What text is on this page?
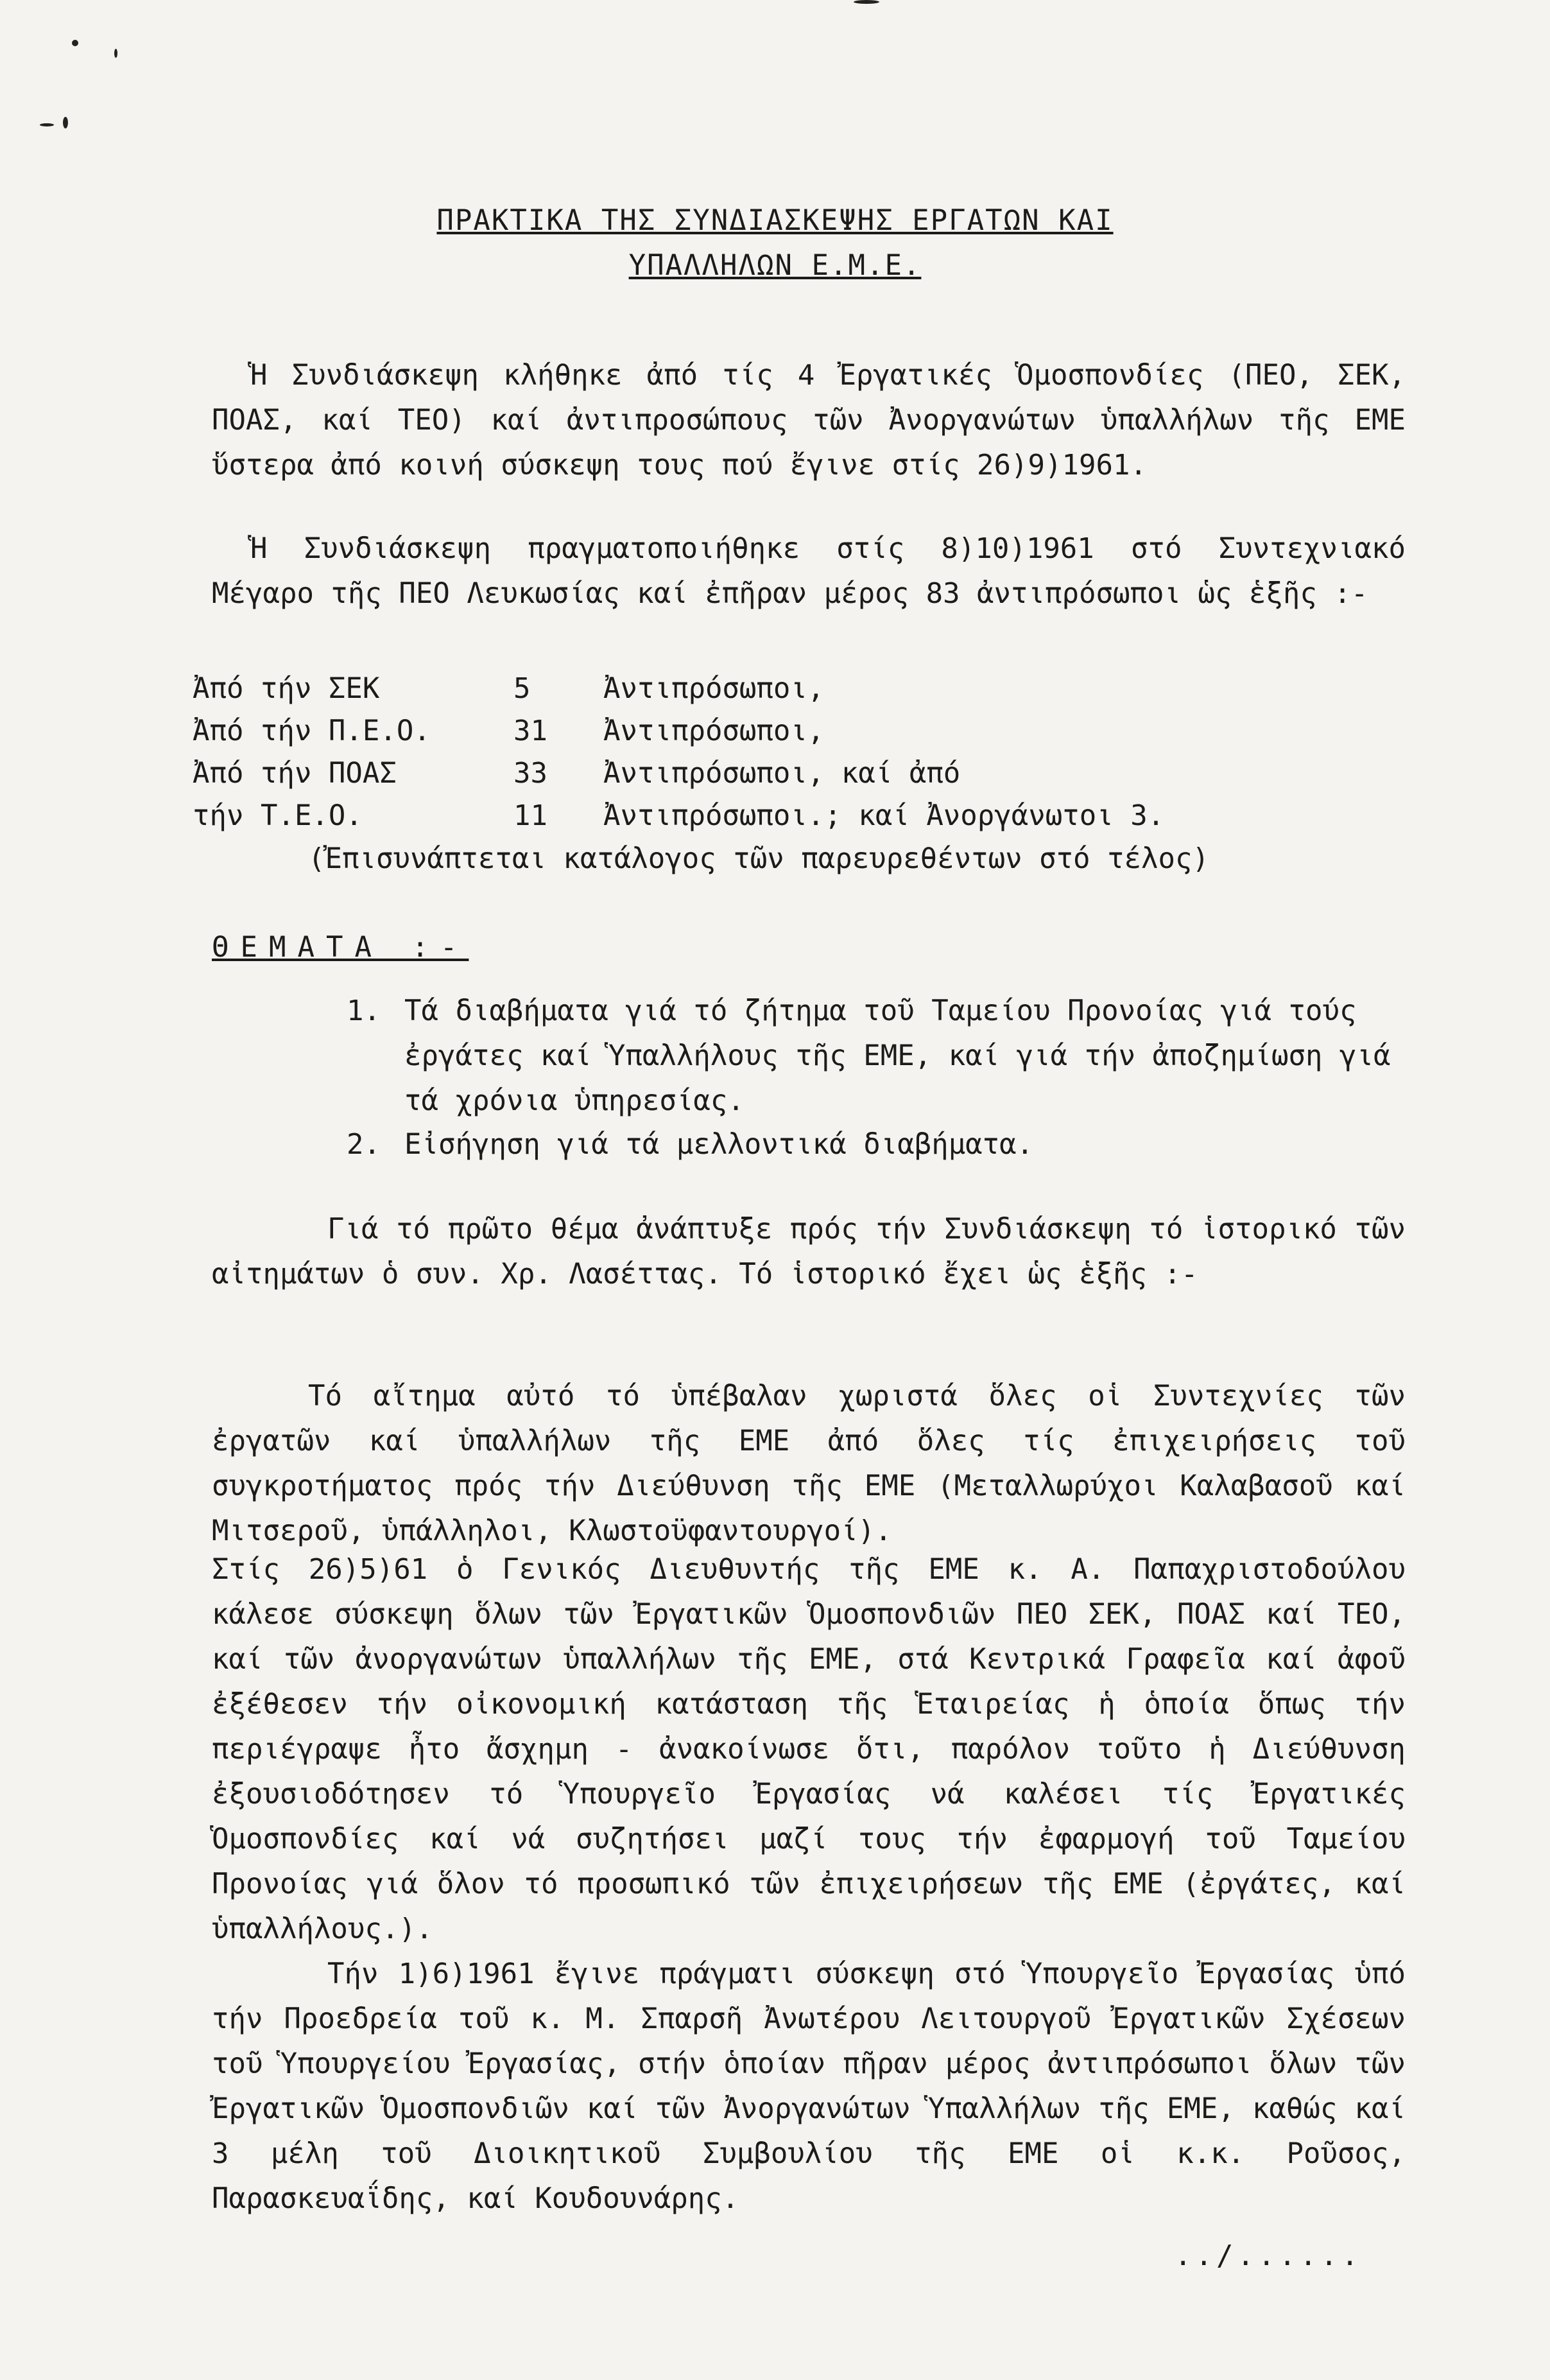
ΠΡΑΚΤΙΚΑ ΤΗΣ ΣΥΝΔΙΑΣΚΕΨΗΣ ΕΡΓΑΤΩΝ ΚΑΙ
ΥΠΑΛΛΗΛΩΝ Ε.Μ.Ε.

Ἡ Συνδιάσκεψη κλήθηκε ἀπό τίς 4 Ἐργατικές Ὁμοσπονδίες (ΠΕΟ, ΣΕΚ, ΠΟΑΣ, καί ΤΕΟ) καί ἀντιπροσώπους τῶν Ἀνοργανώτων ὑπαλλήλων τῆς ΕΜΕ ὕστερα ἀπό κοινή σύσκεψη τους πού ἔγινε στίς 26)9)1961.

Ἡ Συνδιάσκεψη πραγματοποιήθηκε στίς 8)10)1961 στό Συντεχνιακό Μέγαρο τῆς ΠΕΟ Λευκωσίας καί ἐπῆραν μέρος 83 ἀντιπρόσωποι ὡς ἑξῆς :-

Ἀπό τήν ΣΕΚ	5	Ἀντιπρόσωποι,
Ἀπό τήν Π.Ε.Ο.	31	Ἀντιπρόσωποι,
Ἀπό τήν ΠΟΑΣ	33	Ἀντιπρόσωποι, καί ἀπό
τήν Τ.Ε.Ο.	11	Ἀντιπρόσωποι.; καί Ἀνοργάνωτοι 3.
(Ἐπισυνάπτεται κατάλογος τῶν παρευρεθέντων στό τέλος)
ΘΕΜΑΤΑ :-
1. Τά διαβήματα γιά τό ζήτημα τοῦ Ταμείου Προνοίας γιά τούς ἐργάτες καί Ὑπαλλήλους τῆς ΕΜΕ, καί γιά τήν ἀποζημίωση γιά τά χρόνια ὑπηρεσίας.
2. Εἰσήγηση γιά τά μελλοντικά διαβήματα.

Γιά τό πρῶτο θέμα ἀνάπτυξε πρός τήν Συνδιάσκεψη τό ἱστορικό τῶν αἰτημάτων ὁ συν. Χρ. Λασέττας. Τό ἱστορικό ἔχει ὡς ἑξῆς :-

Τό αἴτημα αὐτό τό ὑπέβαλαν χωριστά ὅλες οἱ Συντεχνίες τῶν ἐργατῶν καί ὑπαλλήλων τῆς ΕΜΕ ἀπό ὅλες τίς ἐπιχειρήσεις τοῦ συγκροτήματος πρός τήν Διεύθυνση τῆς ΕΜΕ (Μεταλλωρύχοι Καλαβασοῦ καί Μιτσεροῦ, ὑπάλληλοι, Κλωστοϋφαντουργοί).

Στίς 26)5)61 ὁ Γενικός Διευθυντής τῆς ΕΜΕ κ. Α. Παπαχριστοδούλου κάλεσε σύσκεψη ὅλων τῶν Ἐργατικῶν Ὁμοσπονδιῶν ΠΕΟ ΣΕΚ, ΠΟΑΣ καί ΤΕΟ, καί τῶν ἀνοργανώτων ὑπαλλήλων τῆς ΕΜΕ, στά Κεντρικά Γραφεῖα καί ἀφοῦ ἐξέθεσεν τήν οἰκονομική κατάσταση τῆς Ἑταιρείας ἡ ὁποία ὅπως τήν περιέγραψε ἦτο ἄσχημη - ἀνακοίνωσε ὅτι, παρόλον τοῦτο ἡ Διεύθυνση ἐξουσιοδότησεν τό Ὑπουργεῖο Ἐργασίας νά καλέσει τίς Ἐργατικές Ὁμοσπονδίες καί νά συζητήσει μαζί τους τήν ἐφαρμογή τοῦ Ταμείου Προνοίας γιά ὅλον τό προσωπικό τῶν ἐπιχειρήσεων τῆς ΕΜΕ (ἐργάτες, καί ὑπαλλήλους.).

Τήν 1)6)1961 ἔγινε πράγματι σύσκεψη στό Ὑπουργεῖο Ἐργασίας ὑπό τήν Προεδρεία τοῦ κ. Μ. Σπαρσῆ Ἀνωτέρου Λειτουργοῦ Ἐργατικῶν Σχέσεων τοῦ Ὑπουργείου Ἐργασίας, στήν ὁποίαν πῆραν μέρος ἀντιπρόσωποι ὅλων τῶν Ἐργατικῶν Ὁμοσπονδιῶν καί τῶν Ἀνοργανώτων Ὑπαλλήλων τῆς ΕΜΕ, καθώς καί 3 μέλη τοῦ Διοικητικοῦ Συμβουλίου τῆς ΕΜΕ οἱ κ.κ. Ροῦσος, Παρασκευαΐδης, καί Κουδουνάρης.

../......
